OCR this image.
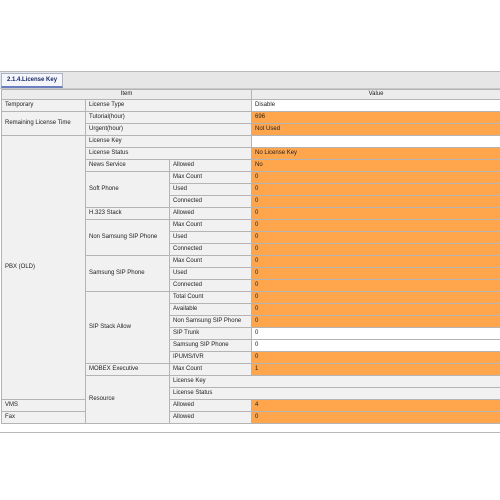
2.1.4.License Key
Item			Value	
Temporary	License Type		Disable	
Remaining License Time	Tutorial(hour)		696	
	Urgent(hour)		Not Used	
PBX (OLD)	License Key			
	License Status		No License Key	
	News Service	Allowed	No	
	Soft Phone	Max Count	0	
		Used	0	
		Connected	0	
	H.323 Stack	Allowed	0	
	Non Samsung SIP Phone	Max Count	0	
		Used	0	
		Connected	0	
	Samsung SIP Phone	Max Count	0	
		Used	0	
		Connected	0	
	SIP Stack Allow	Total Count	0	
		Available	0	
		Non Samsung SIP Phone	0	
		SIP Trunk	0	
		Samsung SIP Phone	0	
		IPUMS/IVR	0	
	MOBEX Executive	Max Count	1	
	Resource	License Key		
		License Status	
VMS		Allowed	4	
Fax		Allowed	0	
